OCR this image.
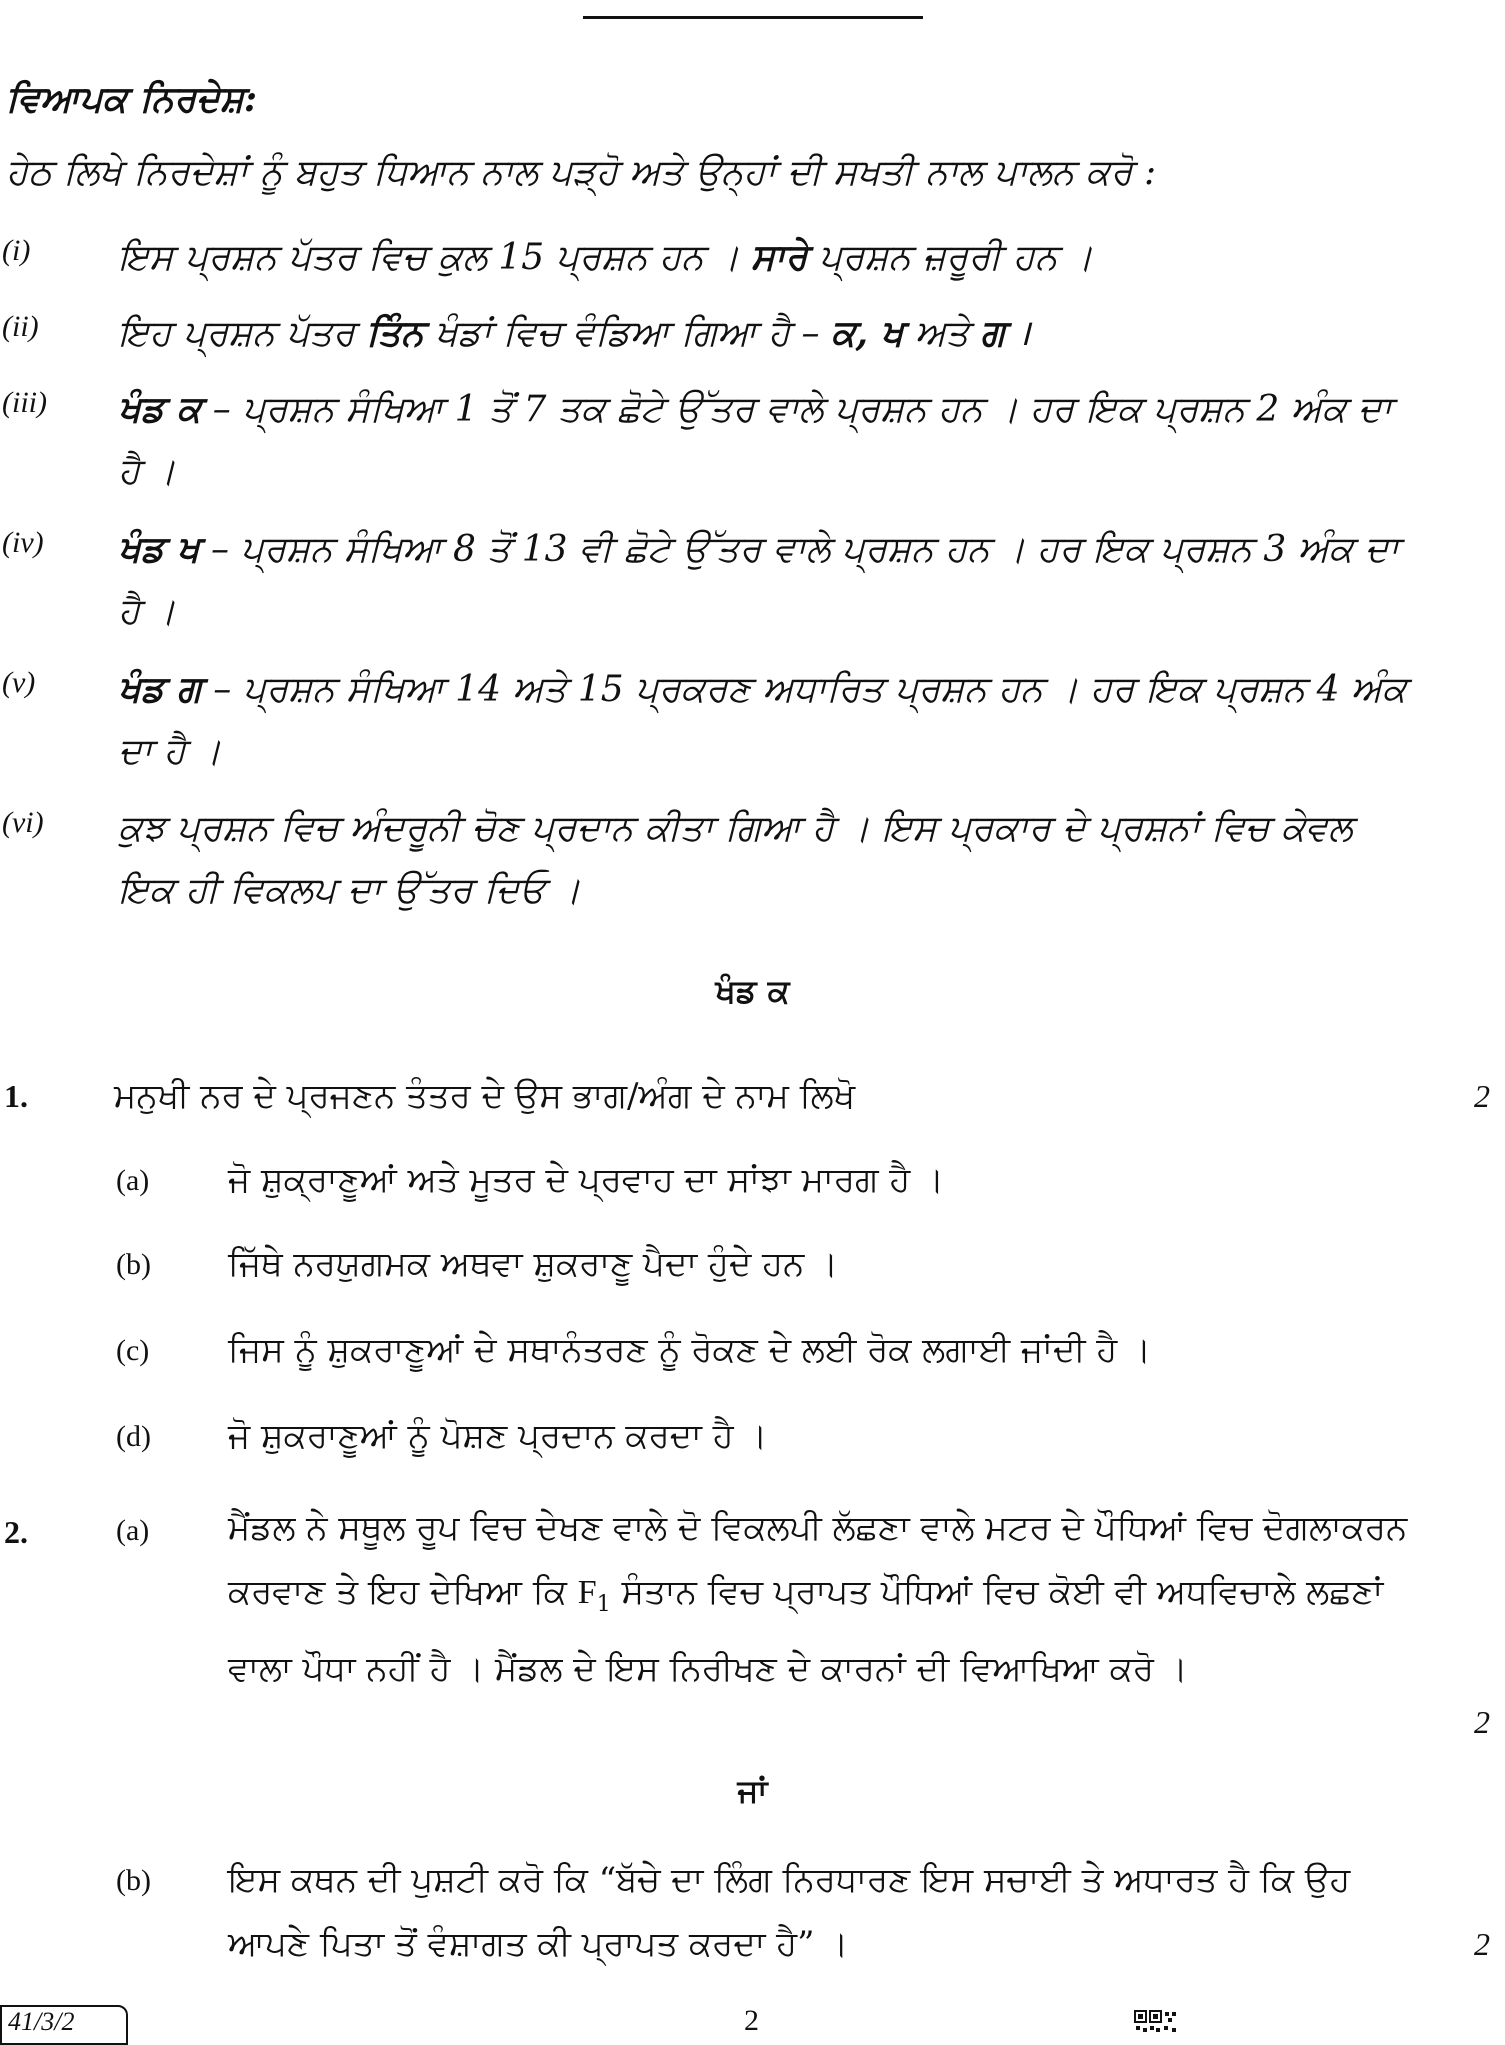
ਵਿਆਪਕ ਨਿਰਦੇਸ਼:
ਹੇਠ ਲਿਖੇ ਨਿਰਦੇਸ਼ਾਂ ਨੂੰ ਬਹੁਤ ਧਿਆਨ ਨਾਲ ਪੜ੍ਹੋ ਅਤੇ ਉਨ੍ਹਾਂ ਦੀ ਸਖਤੀ ਨਾਲ ਪਾਲਨ ਕਰੋ :
(i) ਇਸ ਪ੍ਰਸ਼ਨ ਪੱਤਰ ਵਿਚ ਕੁਲ 15 ਪ੍ਰਸ਼ਨ ਹਨ । ਸਾਰੇ ਪ੍ਰਸ਼ਨ ਜ਼ਰੂਰੀ ਹਨ ।
(ii) ਇਹ ਪ੍ਰਸ਼ਨ ਪੱਤਰ ਤਿੰਨ ਖੰਡਾਂ ਵਿਚ ਵੰਡਿਆ ਗਿਆ ਹੈ – ਕ, ਖ ਅਤੇ ਗ ।
(iii) ਖੰਡ ਕ – ਪ੍ਰਸ਼ਨ ਸੰਖਿਆ 1 ਤੋਂ 7 ਤਕ ਛੋਟੇ ਉੱਤਰ ਵਾਲੇ ਪ੍ਰਸ਼ਨ ਹਨ । ਹਰ ਇਕ ਪ੍ਰਸ਼ਨ 2 ਅੰਕ ਦਾ ਹੈ ।
(iv) ਖੰਡ ਖ – ਪ੍ਰਸ਼ਨ ਸੰਖਿਆ 8 ਤੋਂ 13 ਵੀ ਛੋਟੇ ਉੱਤਰ ਵਾਲੇ ਪ੍ਰਸ਼ਨ ਹਨ । ਹਰ ਇਕ ਪ੍ਰਸ਼ਨ 3 ਅੰਕ ਦਾ ਹੈ ।
(v) ਖੰਡ ਗ – ਪ੍ਰਸ਼ਨ ਸੰਖਿਆ 14 ਅਤੇ 15 ਪ੍ਰਕਰਣ ਅਧਾਰਿਤ ਪ੍ਰਸ਼ਨ ਹਨ । ਹਰ ਇਕ ਪ੍ਰਸ਼ਨ 4 ਅੰਕ ਦਾ ਹੈ ।
(vi) ਕੁਝ ਪ੍ਰਸ਼ਨ ਵਿਚ ਅੰਦਰੂਨੀ ਚੋਣ ਪ੍ਰਦਾਨ ਕੀਤਾ ਗਿਆ ਹੈ । ਇਸ ਪ੍ਰਕਾਰ ਦੇ ਪ੍ਰਸ਼ਨਾਂ ਵਿਚ ਕੇਵਲ ਇਕ ਹੀ ਵਿਕਲਪ ਦਾ ਉੱਤਰ ਦਿਓ ।
ਖੰਡ ਕ
1.	ਮਨੁਖੀ ਨਰ ਦੇ ਪ੍ਰਜਣਨ ਤੰਤਰ ਦੇ ਉਸ ਭਾਗ/ਅੰਗ ਦੇ ਨਾਮ ਲਿਖੋ	2
(a) ਜੋ ਸ਼ੁਕ੍ਰਾਣੂਆਂ ਅਤੇ ਮੂਤਰ ਦੇ ਪ੍ਰਵਾਹ ਦਾ ਸਾਂਝਾ ਮਾਰਗ ਹੈ ।
(b) ਜਿੱਥੇ ਨਰਯੁਗਮਕ ਅਥਵਾ ਸ਼ੁਕਰਾਣੂ ਪੈਦਾ ਹੁੰਦੇ ਹਨ ।
(c) ਜਿਸ ਨੂੰ ਸ਼ੁਕਰਾਣੂਆਂ ਦੇ ਸਥਾਨੰਤਰਣ ਨੂੰ ਰੋਕਣ ਦੇ ਲਈ ਰੋਕ ਲਗਾਈ ਜਾਂਦੀ ਹੈ ।
(d) ਜੋ ਸ਼ੁਕਰਾਣੂਆਂ ਨੂੰ ਪੋਸ਼ਣ ਪ੍ਰਦਾਨ ਕਰਦਾ ਹੈ ।
2.	(a) ਮੈਂਡਲ ਨੇ ਸਥੂਲ ਰੂਪ ਵਿਚ ਦੇਖਣ ਵਾਲੇ ਦੋ ਵਿਕਲਪੀ ਲੱਛਣਾ ਵਾਲੇ ਮਟਰ ਦੇ ਪੌਧਿਆਂ ਵਿਚ ਦੋਗਲਾਕਰਨ ਕਰਵਾਣ ਤੇ ਇਹ ਦੇਖਿਆ ਕਿ $F_1$ ਸੰਤਾਨ ਵਿਚ ਪ੍ਰਾਪਤ ਪੌਧਿਆਂ ਵਿਚ ਕੋਈ ਵੀ ਅਧਵਿਚਾਲੇ ਲਛਣਾਂ ਵਾਲਾ ਪੌਧਾ ਨਹੀਂ ਹੈ । ਮੈਂਡਲ ਦੇ ਇਸ ਨਿਰੀਖਣ ਦੇ ਕਾਰਨਾਂ ਦੀ ਵਿਆਖਿਆ ਕਰੋ ।
2
ਜਾਂ
(b) ਇਸ ਕਥਨ ਦੀ ਪੁਸ਼ਟੀ ਕਰੋ ਕਿ “ਬੱਚੇ ਦਾ ਲਿੰਗ ਨਿਰਧਾਰਣ ਇਸ ਸਚਾਈ ਤੇ ਅਧਾਰਤ ਹੈ ਕਿ ਉਹ ਆਪਣੇ ਪਿਤਾ ਤੋਂ ਵੰਸ਼ਾਗਤ ਕੀ ਪ੍ਰਾਪਤ ਕਰਦਾ ਹੈ” ।	2
41/3/2	2
